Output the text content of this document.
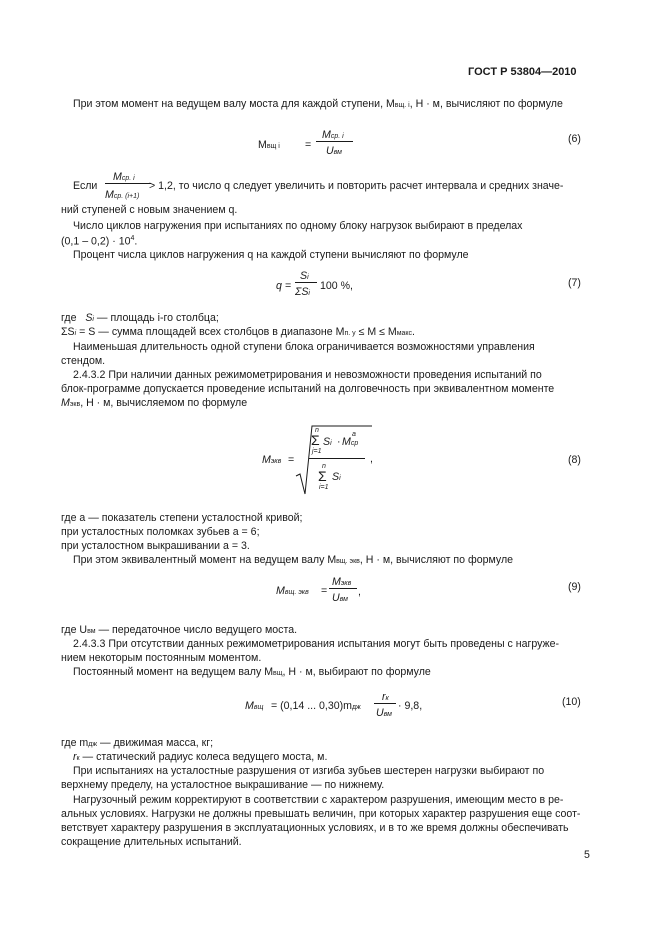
ГОСТ Р 53804—2010
При этом момент на ведущем валу моста для каждой ступени, Мвщ. i, Н · м, вычисляют по формуле
Мвщ i =
Mср. i
Uвм
(6)
Если
Mср. i
Mср. (i+1)
> 1,2, то число q следует увеличить и повторить расчет интервала и средних значе-
ний ступеней с новым значением q.
Число циклов нагружения при испытаниях по одному блоку нагрузок выбирают в пределах
$(0,1 - 0,2) \cdot 10^4$.
Процент числа циклов нагружения q на каждой ступени вычисляют по формуле
q =
Si
ΣSi
100 %,	(7)
где Si — площадь i-го столбца;
ΣSi = S — сумма площадей всех столбцов в диапазоне Mп. у ≤ M ≤ Mмакс.
Наименьшая длительность одной ступени блока ограничивается возможностями управления
стендом.
2.4.3.2 При наличии данных режимометрирования и невозможности проведения испытаний по
блок-программе допускается проведение испытаний на долговечность при эквивалентном моменте
Mэкв, Н · м, вычисляемом по формуле
Mэкв =
n
Σ
j=1
Si · Mср
a
n
Σ
i=1
Si
,	(8)
где a — показатель степени усталостной кривой;
при усталостных поломках зубьев a = 6;
при усталостном выкрашивании a = 3.
При этом эквивалентный момент на ведущем валу Mвщ. экв, Н · м, вычисляют по формуле
Mвщ. экв =
Mэкв
Uвм
,	(9)
где Uвм — передаточное число ведущего моста.
2.4.3.3 При отсутствии данных режимометрирования испытания могут быть проведены с нагруже-
нием некоторым постоянным моментом.
Постоянный момент на ведущем валу Mвщ, Н · м, выбирают по формуле
Mвщ = (0,14 ... 0,30)mдж
rк
Uвм
· 9,8,	(10)
где mдж — движимая масса, кг;
rк — статический радиус колеса ведущего моста, м.
При испытаниях на усталостные разрушения от изгиба зубьев шестерен нагрузки выбирают по
верхнему пределу, на усталостное выкрашивание — по нижнему.
Нагрузочный режим корректируют в соответствии с характером разрушения, имеющим место в ре-
альных условиях. Нагрузки не должны превышать величин, при которых характер разрушения еще соот-
ветствует характеру разрушения в эксплуатационных условиях, и в то же время должны обеспечивать
сокращение длительных испытаний.
5
